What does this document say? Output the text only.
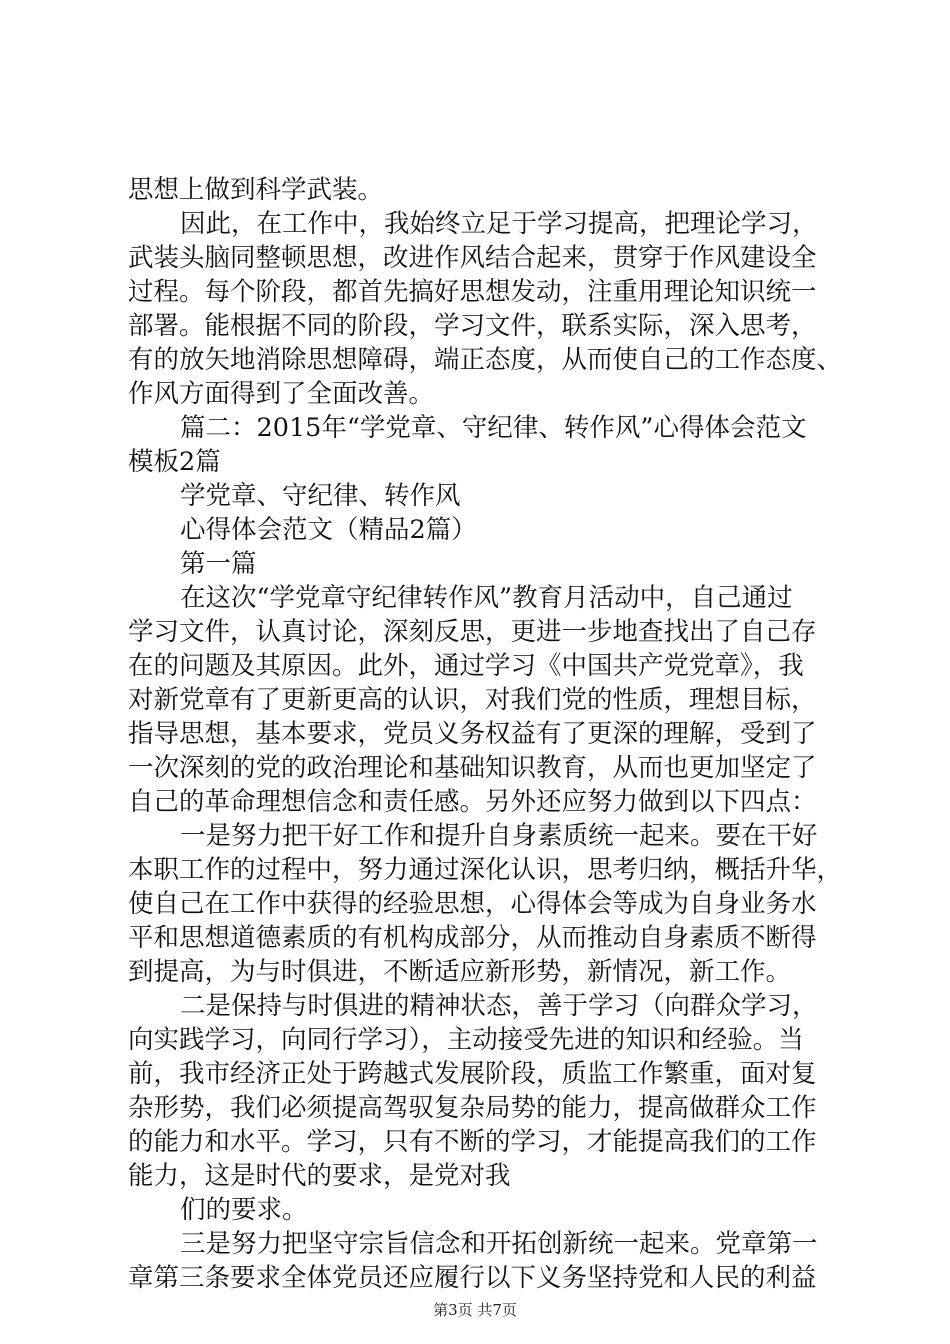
思想上做到科学武装。
因此，在工作中，我始终立足于学习提高，把理论学习，
武装头脑同整顿思想，改进作风结合起来，贯穿于作风建设全
过程。每个阶段，都首先搞好思想发动，注重用理论知识统一
部署。能根据不同的阶段，学习文件，联系实际，深入思考，
有的放矢地消除思想障碍，端正态度，从而使自己的工作态度、
作风方面得到了全面改善。
篇二：2015年“学党章、守纪律、转作风”心得体会范文
模板2篇
学党章、守纪律、转作风
心得体会范文（精品2篇）
第一篇
在这次“学党章守纪律转作风”教育月活动中，自己通过
学习文件，认真讨论，深刻反思，更进一步地查找出了自己存
在的问题及其原因。此外，通过学习《中国共产党党章》，我
对新党章有了更新更高的认识，对我们党的性质，理想目标，
指导思想，基本要求，党员义务权益有了更深的理解，受到了
一次深刻的党的政治理论和基础知识教育，从而也更加坚定了
自己的革命理想信念和责任感。另外还应努力做到以下四点：
一是努力把干好工作和提升自身素质统一起来。要在干好
本职工作的过程中，努力通过深化认识，思考归纳，概括升华，
使自己在工作中获得的经验思想，心得体会等成为自身业务水
平和思想道德素质的有机构成部分，从而推动自身素质不断得
到提高，为与时俱进，不断适应新形势，新情况，新工作。
二是保持与时俱进的精神状态，善于学习（向群众学习，
向实践学习，向同行学习），主动接受先进的知识和经验。当
前，我市经济正处于跨越式发展阶段，质监工作繁重，面对复
杂形势，我们必须提高驾驭复杂局势的能力，提高做群众工作
的能力和水平。学习，只有不断的学习，才能提高我们的工作
能力，这是时代的要求，是党对我
们的要求。
三是努力把坚守宗旨信念和开拓创新统一起来。党章第一
章第三条要求全体党员还应履行以下义务坚持党和人民的利益
第3页 共7页
